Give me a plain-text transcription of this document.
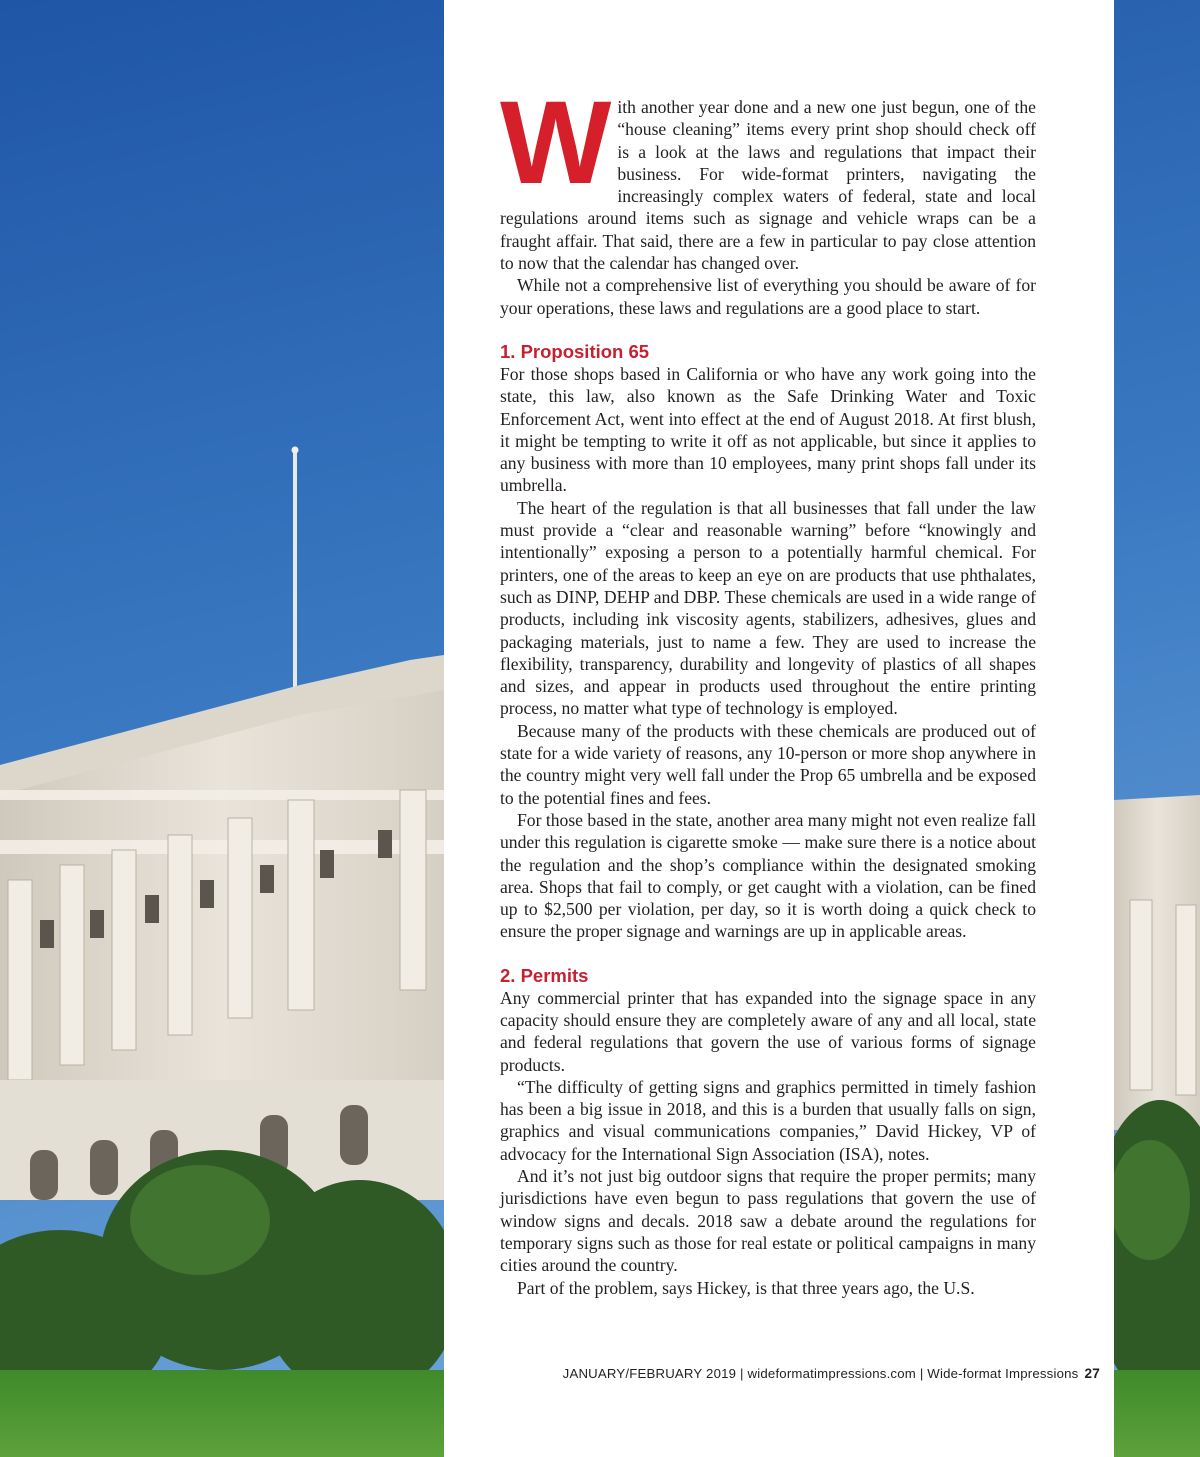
With another year done and a new one just begun, one of the “house cleaning” items every print shop should check off is a look at the laws and regulations that impact their business. For wide-format printers, navigating the increasingly complex waters of federal, state and local regulations around items such as signage and vehicle wraps can be a fraught affair. That said, there are a few in particular to pay close attention to now that the calendar has changed over.

While not a comprehensive list of everything you should be aware of for your operations, these laws and regulations are a good place to start.

1. Proposition 65

For those shops based in California or who have any work going into the state, this law, also known as the Safe Drinking Water and Toxic Enforcement Act, went into effect at the end of August 2018. At first blush, it might be tempting to write it off as not applicable, but since it applies to any business with more than 10 employees, many print shops fall under its umbrella.

The heart of the regulation is that all businesses that fall under the law must provide a “clear and reasonable warning” before “knowingly and intentionally” exposing a person to a potentially harmful chemical. For printers, one of the areas to keep an eye on are products that use phthalates, such as DINP, DEHP and DBP. These chemicals are used in a wide range of products, including ink viscosity agents, stabilizers, adhesives, glues and packaging materials, just to name a few. They are used to increase the flexibility, transparency, durability and longevity of plastics of all shapes and sizes, and appear in products used throughout the entire printing process, no matter what type of technology is employed.

Because many of the products with these chemicals are produced out of state for a wide variety of reasons, any 10-person or more shop anywhere in the country might very well fall under the Prop 65 umbrella and be exposed to the potential fines and fees.

For those based in the state, another area many might not even realize fall under this regulation is cigarette smoke — make sure there is a notice about the regulation and the shop’s compliance within the designated smoking area. Shops that fail to comply, or get caught with a violation, can be fined up to $2,500 per violation, per day, so it is worth doing a quick check to ensure the proper signage and warnings are up in applicable areas.

2. Permits

Any commercial printer that has expanded into the signage space in any capacity should ensure they are completely aware of any and all local, state and federal regulations that govern the use of various forms of signage products.

“The difficulty of getting signs and graphics permitted in timely fashion has been a big issue in 2018, and this is a burden that usually falls on sign, graphics and visual communications companies,” David Hickey, VP of advocacy for the International Sign Association (ISA), notes.

And it’s not just big outdoor signs that require the proper permits; many jurisdictions have even begun to pass regulations that govern the use of window signs and decals. 2018 saw a debate around the regulations for temporary signs such as those for real estate or political campaigns in many cities around the country.

Part of the problem, says Hickey, is that three years ago, the U.S.

JANUARY/FEBRUARY 2019 | wideformatimpressions.com | Wide-format Impressions 27
